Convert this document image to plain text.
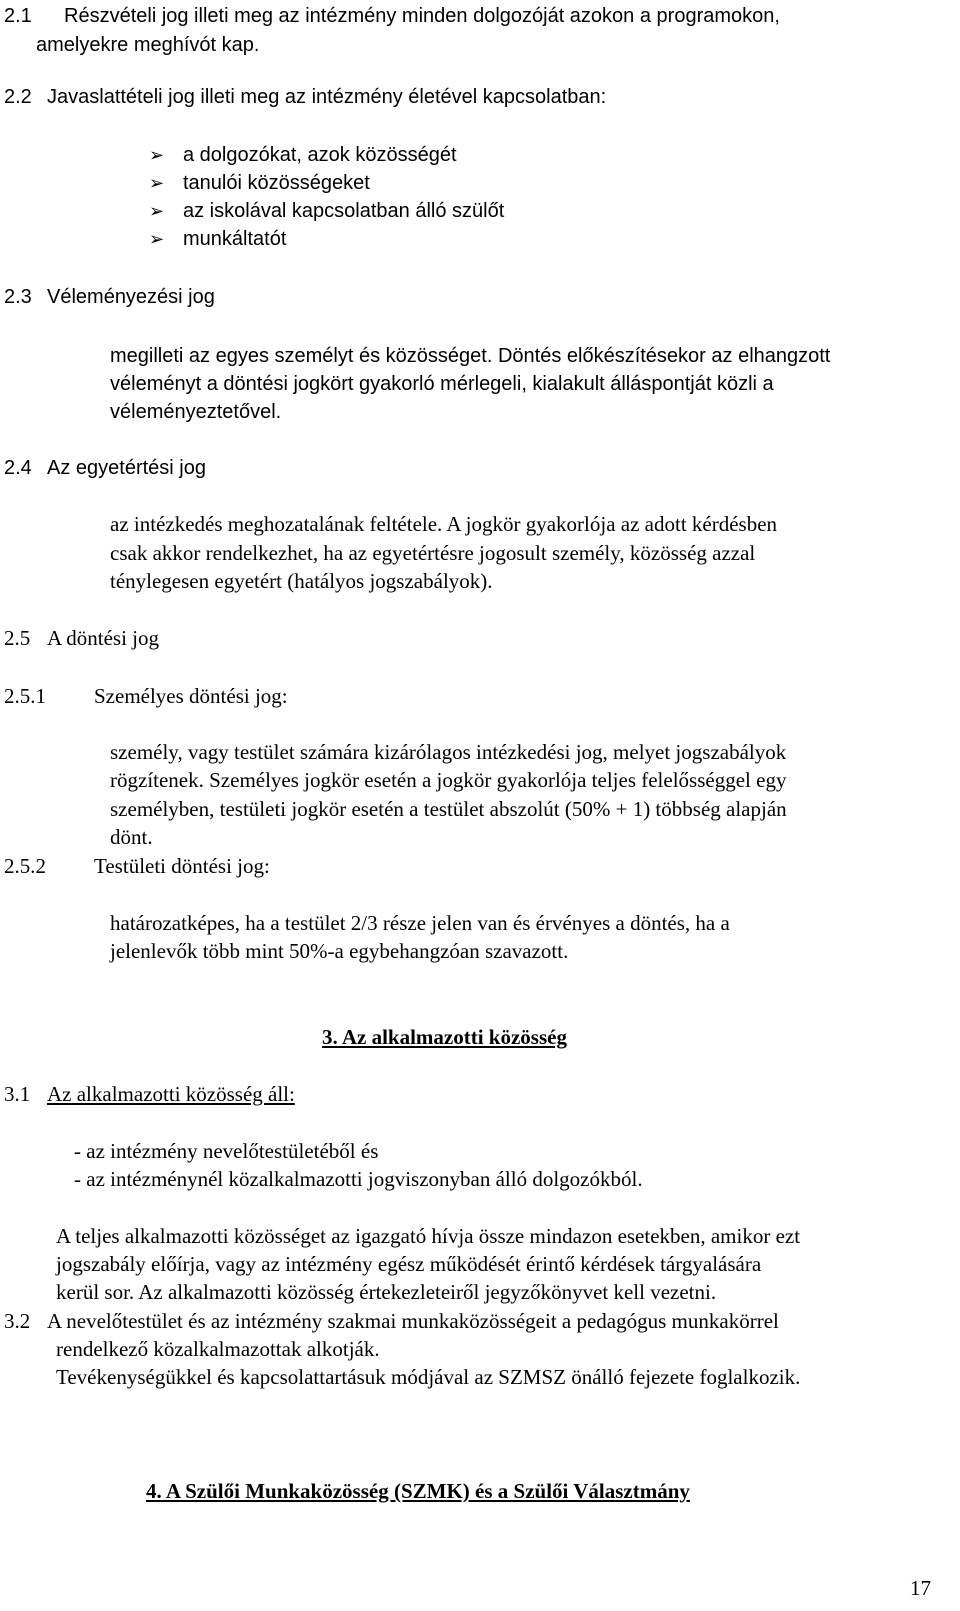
2.1 Részvételi jog illeti meg az intézmény minden dolgozóját azokon a programokon,
amelyekre meghívót kap.
2.2 Javaslattételi jog illeti meg az intézmény életével kapcsolatban:
➢ a dolgozókat, azok közösségét
➢ tanulói közösségeket
➢ az iskolával kapcsolatban álló szülőt
➢ munkáltatót
2.3 Véleményezési jog
megilleti az egyes személyt és közösséget. Döntés előkészítésekor az elhangzott
véleményt a döntési jogkört gyakorló mérlegeli, kialakult álláspontját közli a
véleményeztetővel.
2.4 Az egyetértési jog
az intézkedés meghozatalának feltétele. A jogkör gyakorlója az adott kérdésben
csak akkor rendelkezhet, ha az egyetértésre jogosult személy, közösség azzal
ténylegesen egyetért (hatályos jogszabályok).
2.5 A döntési jog
2.5.1 Személyes döntési jog:
személy, vagy testület számára kizárólagos intézkedési jog, melyet jogszabályok
rögzítenek. Személyes jogkör esetén a jogkör gyakorlója teljes felelősséggel egy
személyben, testületi jogkör esetén a testület abszolút (50% + 1) többség alapján
dönt.
2.5.2 Testületi döntési jog:
határozatképes, ha a testület 2/3 része jelen van és érvényes a döntés, ha a
jelenlevők több mint 50%-a egybehangzóan szavazott.
3. Az alkalmazotti közösség
3.1 Az alkalmazotti közösség áll:
- az intézmény nevelőtestületéből és
- az intézménynél közalkalmazotti jogviszonyban álló dolgozókból.
A teljes alkalmazotti közösséget az igazgató hívja össze mindazon esetekben, amikor ezt
jogszabály előírja, vagy az intézmény egész működését érintő kérdések tárgyalására
kerül sor. Az alkalmazotti közösség értekezleteiről jegyzőkönyvet kell vezetni.
3.2 A nevelőtestület és az intézmény szakmai munkaközösségeit a pedagógus munkakörrel
rendelkező közalkalmazottak alkotják.
Tevékenységükkel és kapcsolattartásuk módjával az SZMSZ önálló fejezete foglalkozik.
4. A Szülői Munkaközösség (SZMK) és a Szülői Választmány
17
